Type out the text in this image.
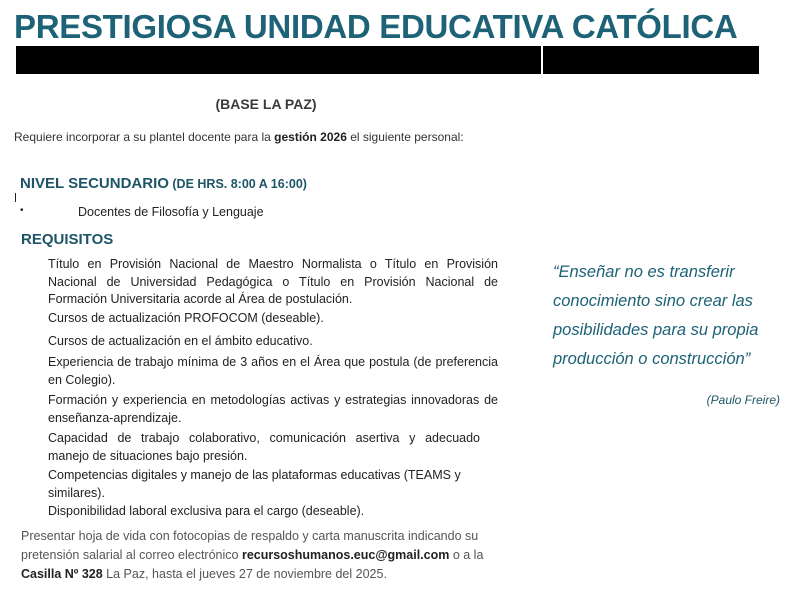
PRESTIGIOSA UNIDAD EDUCATIVA CATÓLICA
(BASE LA PAZ)
Requiere incorporar a su plantel docente para la gestión 2026 el siguiente personal:
NIVEL SECUNDARIO (DE HRS. 8:00 A 16:00)
•	Docentes de Filosofía y Lenguaje
REQUISITOS
Título en Provisión Nacional de Maestro Normalista o Título en Provisión Nacional de Universidad Pedagógica o Título en Provisión Nacional de Formación Universitaria acorde al Área de postulación.
Cursos de actualización PROFOCOM (deseable).
Cursos de actualización en el ámbito educativo.
Experiencia de trabajo mínima de 3 años en el Área que postula (de preferencia en Colegio).
Formación y experiencia en metodologías activas y estrategias innovadoras de enseñanza-aprendizaje.
Capacidad de trabajo colaborativo, comunicación asertiva y adecuado manejo de situaciones bajo presión.
Competencias digitales y manejo de las plataformas educativas (TEAMS y similares).
Disponibilidad laboral exclusiva para el cargo (deseable).
Presentar hoja de vida con fotocopias de respaldo y carta manuscrita indicando su pretensión salarial al correo electrónico recursoshumanos.euc@gmail.com o a la Casilla Nº 328 La Paz, hasta el jueves 27 de noviembre del 2025.
“Enseñar no es transferir conocimiento sino crear las posibilidades para su propia producción o construcción”
(Paulo Freire)
